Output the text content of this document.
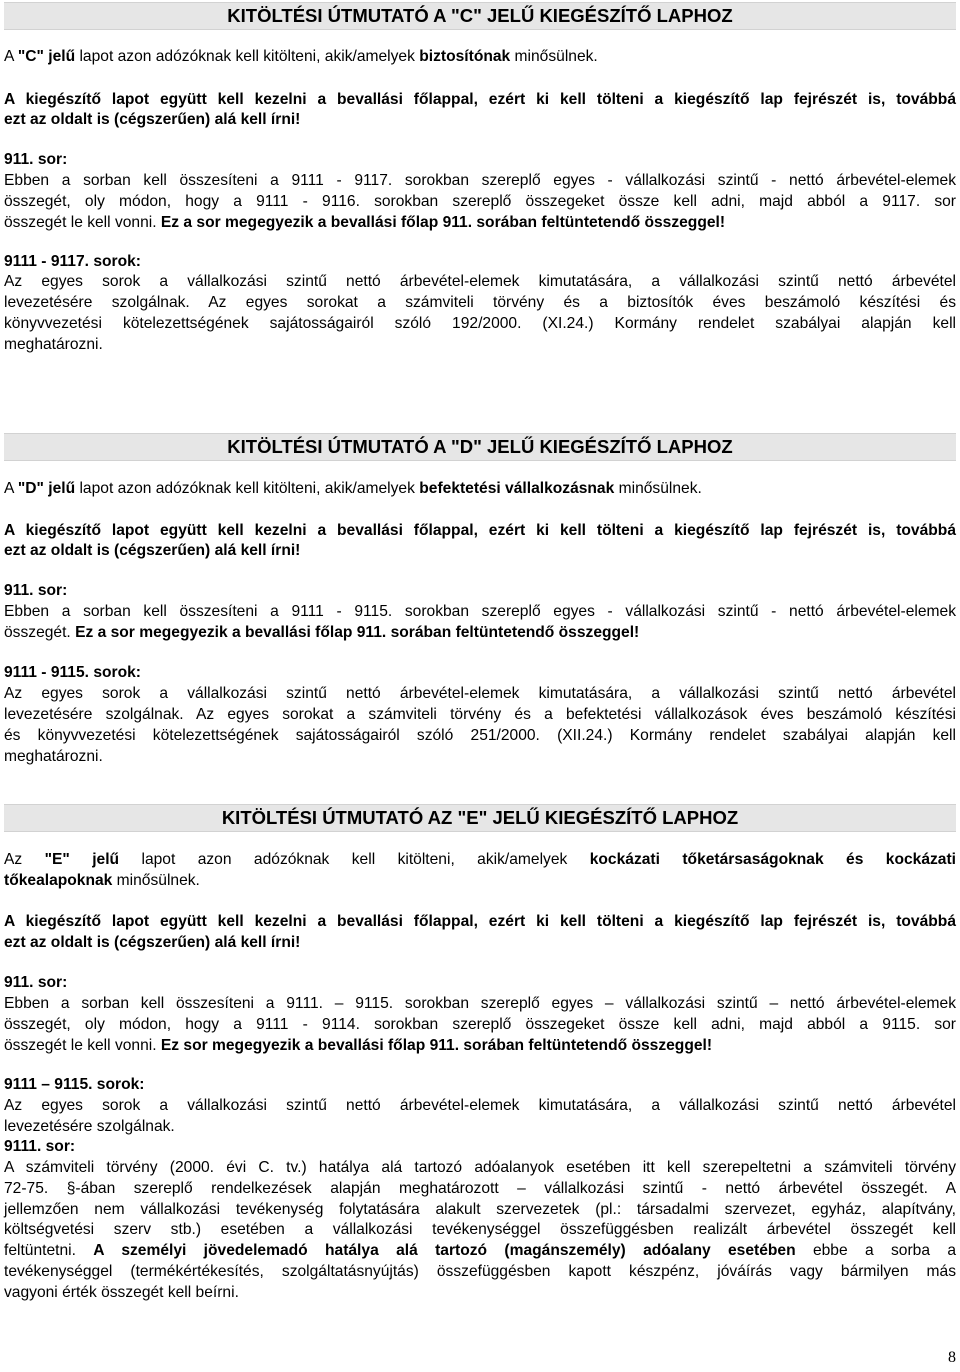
KITÖLTÉSI ÚTMUTATÓ A "C" JELŰ KIEGÉSZÍTŐ LAPHOZ
A "C" jelű lapot azon adózóknak kell kitölteni, akik/amelyek biztosítónak minősülnek.
A kiegészítő lapot együtt kell kezelni a bevallási főlappal, ezért ki kell tölteni a kiegészítő lap fejrészét is, továbbá
ezt az oldalt is (cégszerűen) alá kell írni!
911. sor:
Ebben a sorban kell összesíteni a 9111 - 9117. sorokban szereplő egyes - vállalkozási szintű - nettó árbevétel-elemek
összegét, oly módon, hogy a 9111 - 9116. sorokban szereplő összegeket össze kell adni, majd abból a 9117. sor
összegét le kell vonni. Ez a sor megegyezik a bevallási főlap 911. sorában feltüntetendő összeggel!
9111 - 9117. sorok:
Az egyes sorok a vállalkozási szintű nettó árbevétel-elemek kimutatására, a vállalkozási szintű nettó árbevétel
levezetésére szolgálnak. Az egyes sorokat a számviteli törvény és a biztosítók éves beszámoló készítési és
könyvvezetési kötelezettségének sajátosságairól szóló 192/2000. (XI.24.) Kormány rendelet szabályai alapján kell
meghatározni.
KITÖLTÉSI ÚTMUTATÓ A "D" JELŰ KIEGÉSZÍTŐ LAPHOZ
A "D" jelű lapot azon adózóknak kell kitölteni, akik/amelyek befektetési vállalkozásnak minősülnek.
A kiegészítő lapot együtt kell kezelni a bevallási főlappal, ezért ki kell tölteni a kiegészítő lap fejrészét is, továbbá
ezt az oldalt is (cégszerűen) alá kell írni!
911. sor:
Ebben a sorban kell összesíteni a 9111 - 9115. sorokban szereplő egyes - vállalkozási szintű - nettó árbevétel-elemek
összegét. Ez a sor megegyezik a bevallási főlap 911. sorában feltüntetendő összeggel!
9111 - 9115. sorok:
Az egyes sorok a vállalkozási szintű nettó árbevétel-elemek kimutatására, a vállalkozási szintű nettó árbevétel
levezetésére szolgálnak. Az egyes sorokat a számviteli törvény és a befektetési vállalkozások éves beszámoló készítési
és könyvvezetési kötelezettségének sajátosságairól szóló 251/2000. (XII.24.) Kormány rendelet szabályai alapján kell
meghatározni.
KITÖLTÉSI ÚTMUTATÓ AZ "E" JELŰ KIEGÉSZÍTŐ LAPHOZ
Az "E" jelű lapot azon adózóknak kell kitölteni, akik/amelyek kockázati tőketársaságoknak és kockázati
tőkealapoknak minősülnek.
A kiegészítő lapot együtt kell kezelni a bevallási főlappal, ezért ki kell tölteni a kiegészítő lap fejrészét is, továbbá
ezt az oldalt is (cégszerűen) alá kell írni!
911. sor:
Ebben a sorban kell összesíteni a 9111. – 9115. sorokban szereplő egyes – vállalkozási szintű – nettó árbevétel-elemek
összegét, oly módon, hogy a 9111 - 9114. sorokban szereplő összegeket össze kell adni, majd abból a 9115. sor
összegét le kell vonni. Ez sor megegyezik a bevallási főlap 911. sorában feltüntetendő összeggel!
9111 – 9115. sorok:
Az egyes sorok a vállalkozási szintű nettó árbevétel-elemek kimutatására, a vállalkozási szintű nettó árbevétel
levezetésére szolgálnak.
9111. sor:
A számviteli törvény (2000. évi C. tv.) hatálya alá tartozó adóalanyok esetében itt kell szerepeltetni a számviteli törvény
72-75. §-ában szereplő rendelkezések alapján meghatározott – vállalkozási szintű - nettó árbevétel összegét. A
jellemzően nem vállalkozási tevékenység folytatására alakult szervezetek (pl.: társadalmi szervezet, egyház, alapítvány,
költségvetési szerv stb.) esetében a vállalkozási tevékenységgel összefüggésben realizált árbevétel összegét kell
feltüntetni. A személyi jövedelemadó hatálya alá tartozó (magánszemély) adóalany esetében ebbe a sorba a
tevékenységgel (termékértékesítés, szolgáltatásnyújtás) összefüggésben kapott készpénz, jóváírás vagy bármilyen más
vagyoni érték összegét kell beírni.
8
